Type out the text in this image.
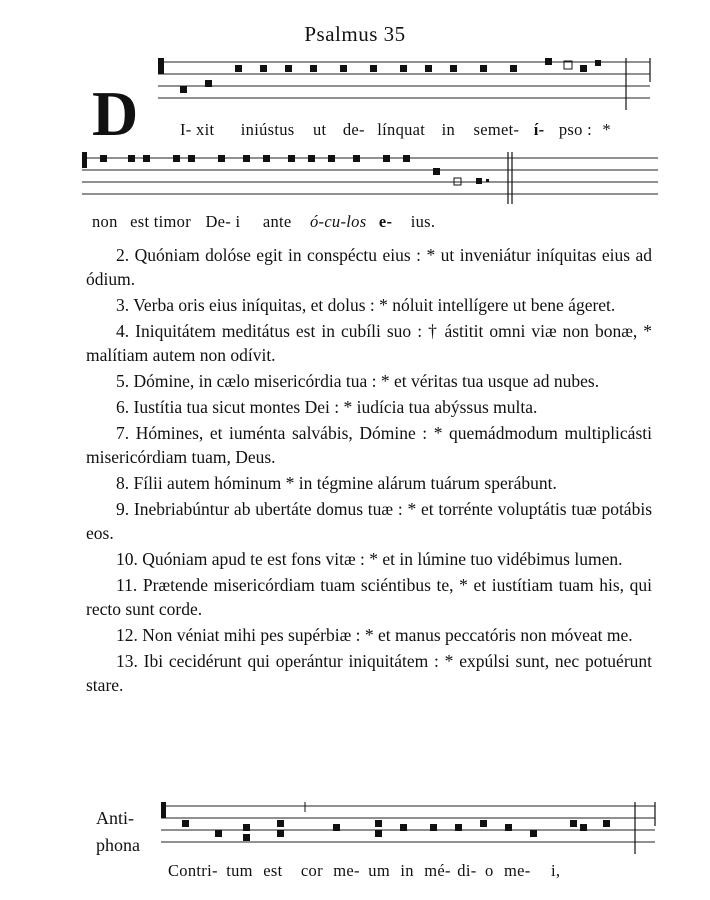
Psalmus 35
D	I- xit iniústus ut de- línquat in semet- í- pso : *
non est timor De- i ante ó-cu-los e- ius.

2. Quóniam dolóse egit in conspéctu eius : * ut inveniátur iníquitas eius ad ódium.

3. Verba oris eius iníquitas, et dolus : * nóluit intellígere ut bene ágeret.

4. Iniquitátem meditátus est in cubíli suo : † ástitit omni viæ non bonæ, * malítiam autem non odívit.

5. Dómine, in cælo misericórdia tua : * et véritas tua usque ad nubes.

6. Iustítia tua sicut montes Dei : * iudícia tua abýssus multa.

7. Hómines, et iuménta salvábis, Dómine : * quemádmodum multiplicásti misericórdiam tuam, Deus.

8. Fílii autem hóminum * in tégmine alárum tuárum sperábunt.

9. Inebriabúntur ab ubertáte domus tuæ : * et torrénte voluptátis tuæ potábis eos.

10. Quóniam apud te est fons vitæ : * et in lúmine tuo vidébimus lumen.

11. Prætende misericórdiam tuam sciéntibus te, * et iustítiam tuam his, qui recto sunt corde.

12. Non véniat mihi pes supérbiæ : * et manus peccatóris non móveat me.

13. Ibi cecidérunt qui operántur iniquitátem : * expúlsi sunt, nec potuérunt stare.

Anti-
phona
Contri- tum est cor me- um in mé- di- o me- i,
